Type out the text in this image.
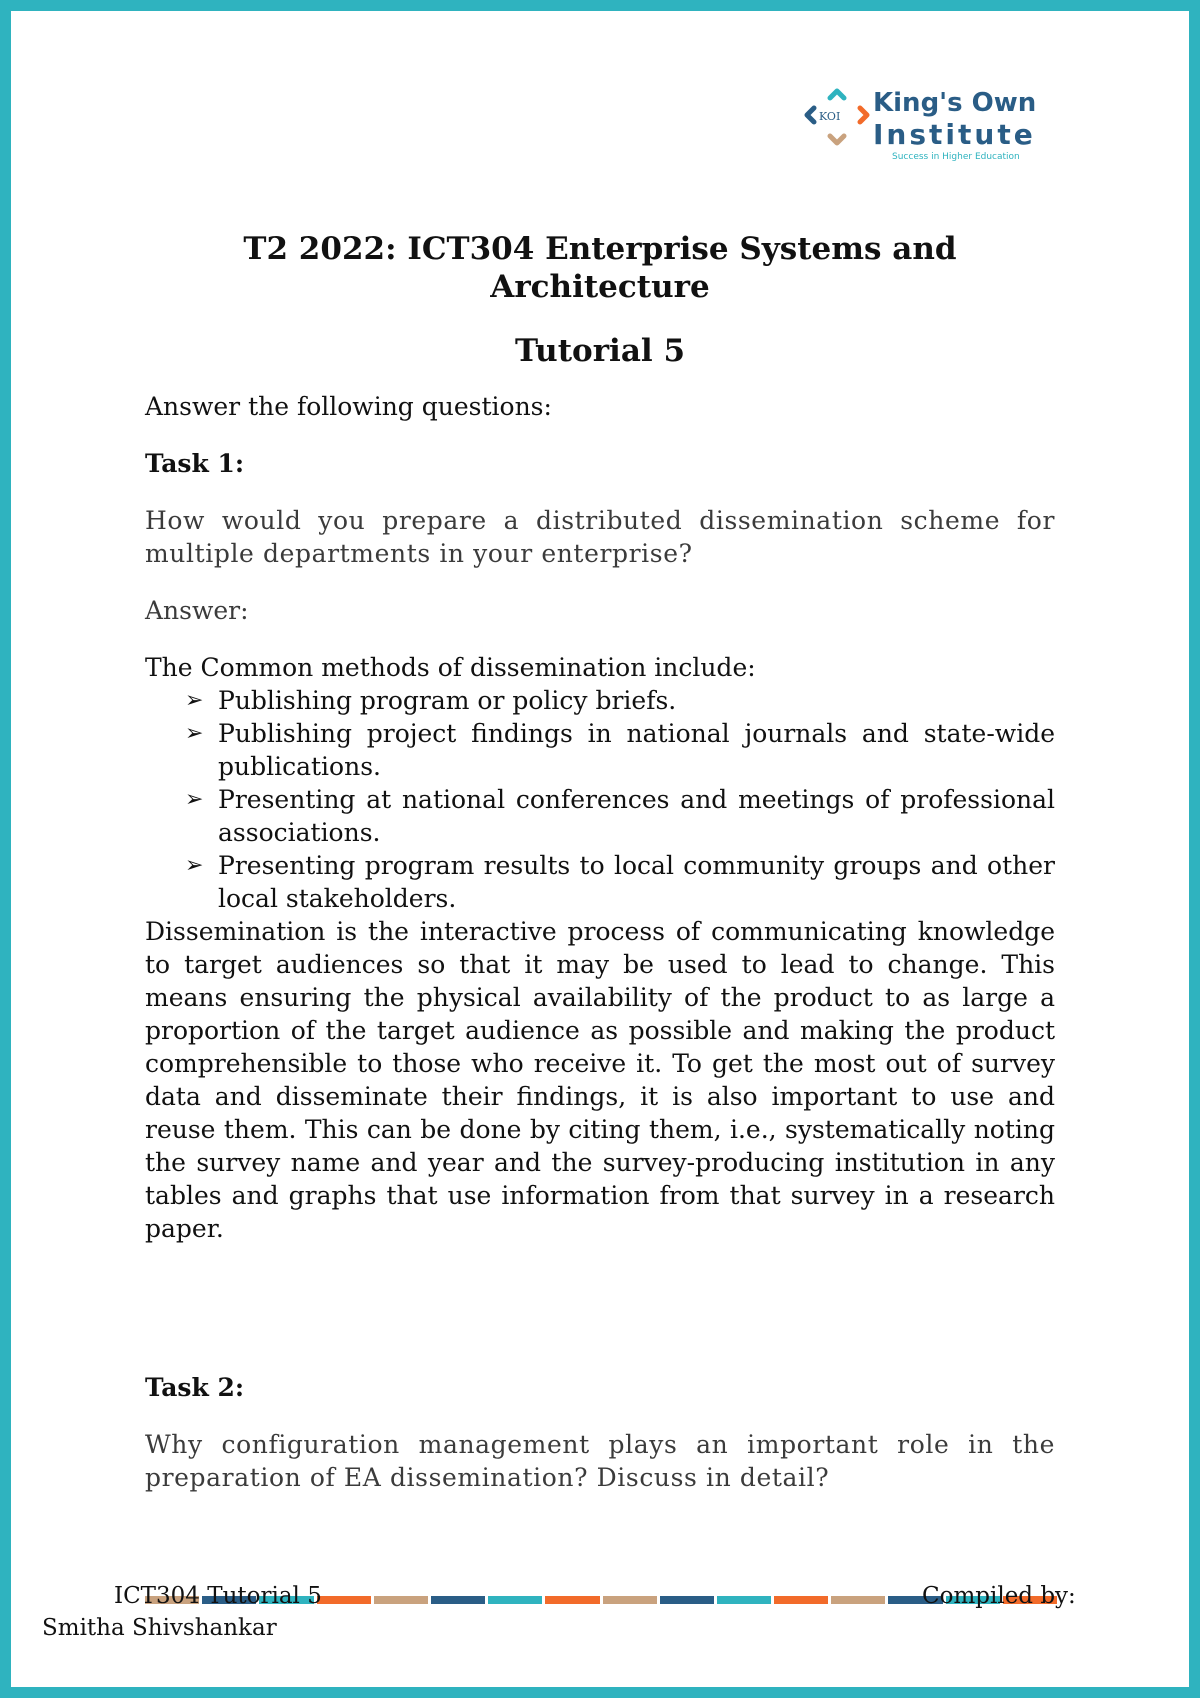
KOI King's Own
Institute
Success in Higher Education
T2 2022: ICT304 Enterprise Systems and Architecture
Tutorial 5

Answer the following questions:

Task 1:

How would you prepare a distributed dissemination scheme for multiple departments in your enterprise?

Answer:

The Common methods of dissemination include:

➢ Publishing program or policy briefs.
➢ Publishing project findings in national journals and state-wide publications.
➢ Presenting at national conferences and meetings of professional associations.
➢ Presenting program results to local community groups and other local stakeholders.

Dissemination is the interactive process of communicating knowledge to target audiences so that it may be used to lead to change. This means ensuring the physical availability of the product to as large a proportion of the target audience as possible and making the product comprehensible to those who receive it. To get the most out of survey data and disseminate their findings, it is also important to use and reuse them. This can be done by citing them, i.e., systematically noting the survey name and year and the survey-producing institution in any tables and graphs that use information from that survey in a research paper.

Task 2:

Why configuration management plays an important role in the preparation of EA dissemination? Discuss in detail?

ICT304 Tutorial 5	Compiled by:
Smitha Shivshankar
